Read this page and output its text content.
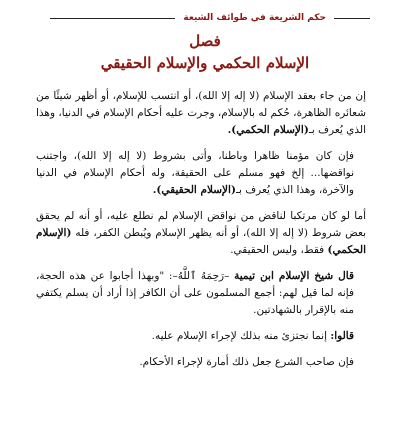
حكم الشريعة في طوائف الشيعة
فصل
الإسلام الحكمي والإسلام الحقيقي

إن من جاء بعقد الإسلام (لا إله إلا الله)، أو انتسب للإسلام، أو أظهر شيئًا من شعائره الظاهرة، حُكم له بالإسلام، وجرت عليه أحكام الإسلام في الدنيا، وهذا الذي يُعرف بـ(الإسلام الحكمي).

فإن كان مؤمنا ظاهرا وباطنا، وأتى بشروط (لا إله إلا الله)، واجتنب نواقضها... إلخ فهو مسلم على الحقيقة، وله أحكام الإسلام في الدنيا والآخرة، وهذا الذي يُعرف بـ(الإسلام الحقيقي).

أما لو كان مرتكبا لناقض من نواقض الإسلام لم نطلع عليه، أو أنه لم يحقق بعض شروط (لا إله إلا الله)، أو أنه يظهر الإسلام ويُبطن الكفر، فله (الإسلام الحكمي) فقط، وليس الحقيقي.

قال شيخ الإسلام ابن تيمية –رَحِمَهُ ٱللَّهُ–: "وبهذا أجابوا عن هذه الحجة، فإنه لما قيل لهم: أجمع المسلمون على أن الكافر إذا أراد أن يسلم يكتفي منه بالإقرار بالشهادتين.

قالوا: إنما نجتزئ منه بذلك لإجراء الإسلام عليه.

فإن صاحب الشرع جعل ذلك أمارة لإجراء الأحكام.
